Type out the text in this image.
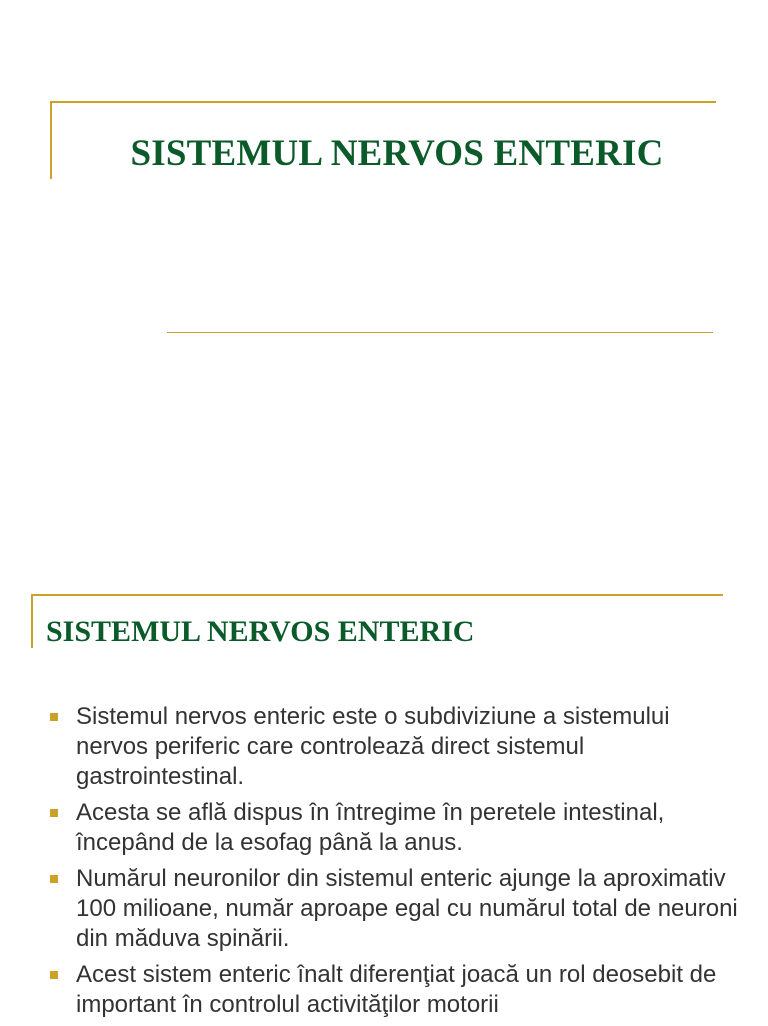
SISTEMUL NERVOS ENTERIC
SISTEMUL NERVOS ENTERIC
Sistemul nervos enteric este o subdiviziune a sistemului nervos periferic care controlează direct sistemul gastrointestinal.
Acesta se află dispus în întregime în peretele intestinal, începând de la esofag până la anus.
Numărul neuronilor din sistemul enteric ajunge la aproximativ 100 milioane, număr aproape egal cu numărul total de neuroni din măduva spinării.
Acest sistem enteric înalt diferenţiat joacă un rol deosebit de important în controlul activităţilor motorii
